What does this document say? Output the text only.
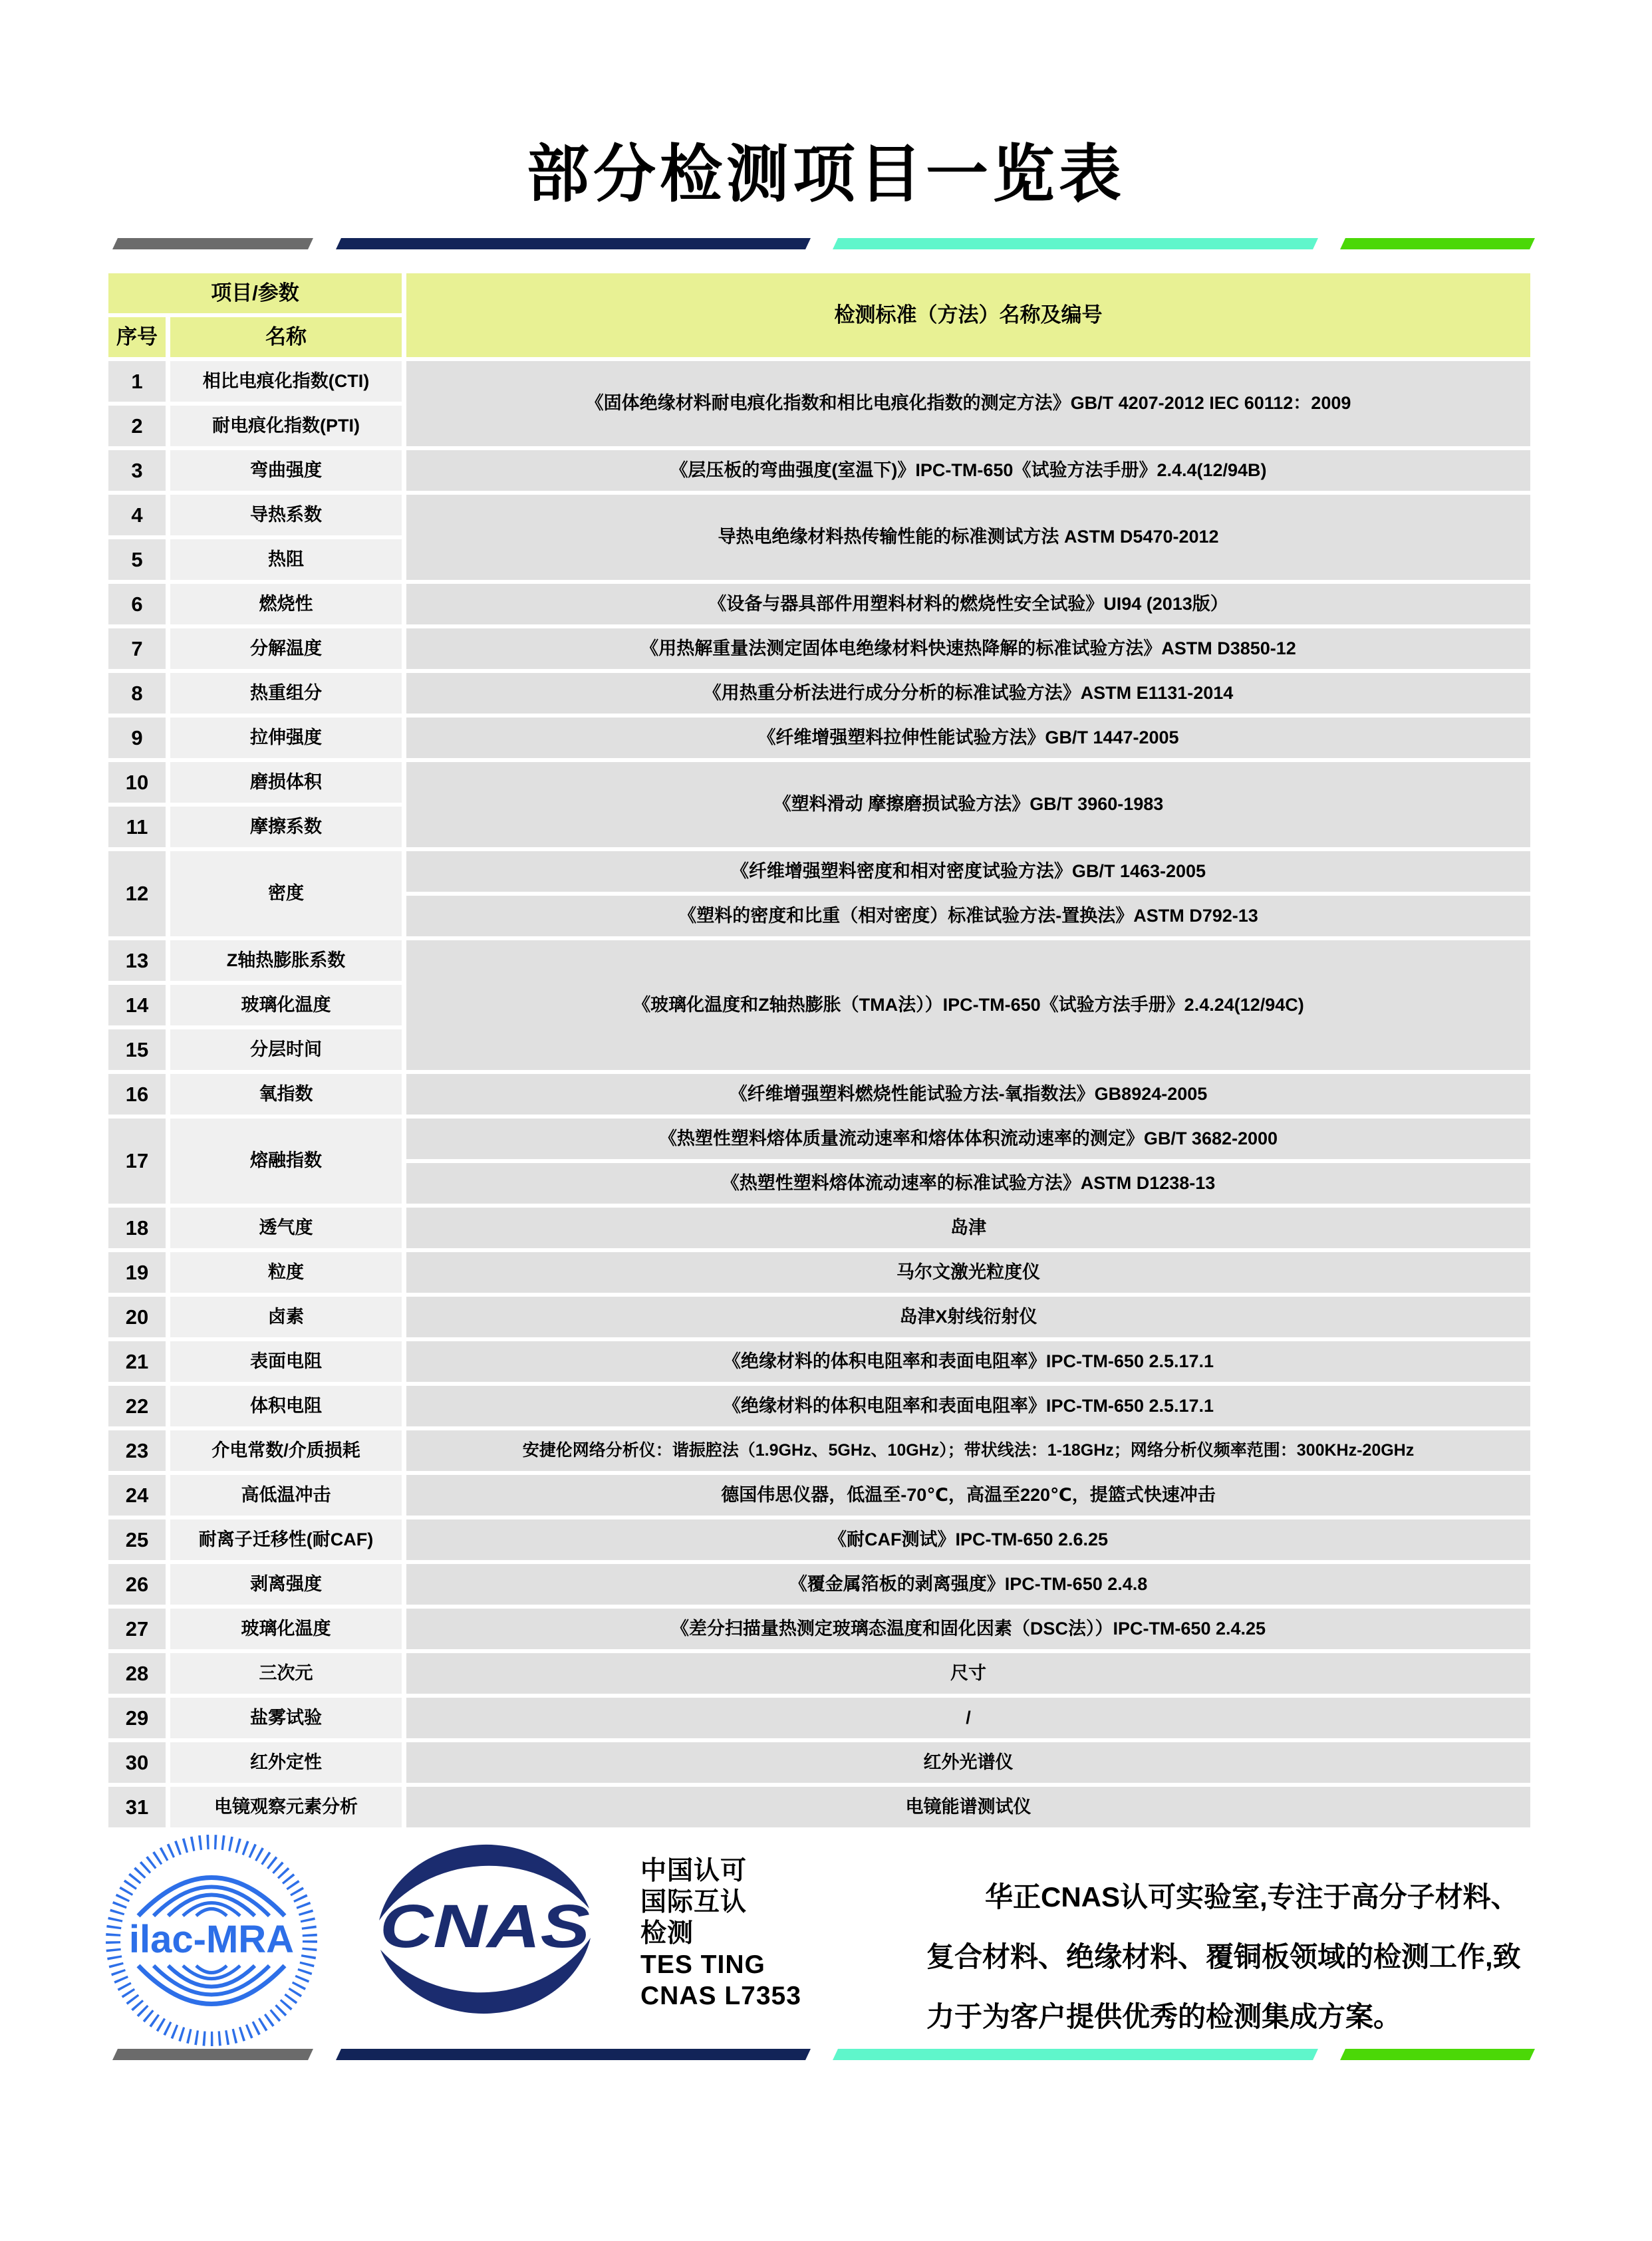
部分检测项目一览表
项目/参数		检测标准（方法）名称及编号
序号	名称	
1	相比电痕化指数(CTI)	《固体绝缘材料耐电痕化指数和相比电痕化指数的测定方法》GB/T 4207-2012 IEC 60112：2009
2	耐电痕化指数(PTI)	
3	弯曲强度	《层压板的弯曲强度(室温下)》IPC-TM-650《试验方法手册》2.4.4(12/94B)
4	导热系数	导热电绝缘材料热传输性能的标准测试方法 ASTM D5470-2012
5	热阻	
6	燃烧性	《设备与器具部件用塑料材料的燃烧性安全试验》UI94 (2013版）
7	分解温度	《用热解重量法测定固体电绝缘材料快速热降解的标准试验方法》ASTM D3850-12
8	热重组分	《用热重分析法进行成分分析的标准试验方法》ASTM E1131-2014
9	拉伸强度	《纤维增强塑料拉伸性能试验方法》GB/T 1447-2005
10	磨损体积	《塑料滑动 摩擦磨损试验方法》GB/T 3960-1983
11	摩擦系数	
12	密度	《纤维增强塑料密度和相对密度试验方法》GB/T 1463-2005
		《塑料的密度和比重（相对密度）标准试验方法-置换法》ASTM D792-13
13	Z轴热膨胀系数	《玻璃化温度和Z轴热膨胀（TMA法））IPC-TM-650《试验方法手册》2.4.24(12/94C)
14	玻璃化温度	
15	分层时间	
16	氧指数	《纤维增强塑料燃烧性能试验方法-氧指数法》GB8924-2005
17	熔融指数	《热塑性塑料熔体质量流动速率和熔体体积流动速率的测定》GB/T 3682-2000
		《热塑性塑料熔体流动速率的标准试验方法》ASTM D1238-13
18	透气度	岛津
19	粒度	马尔文激光粒度仪
20	卤素	岛津X射线衍射仪
21	表面电阻	《绝缘材料的体积电阻率和表面电阻率》IPC-TM-650 2.5.17.1
22	体积电阻	《绝缘材料的体积电阻率和表面电阻率》IPC-TM-650 2.5.17.1
23	介电常数/介质损耗	安捷伦网络分析仪：谐振腔法（1.9GHz、5GHz、10GHz）；带状线法：1-18GHz；网络分析仪频率范围：300KHz-20GHz
24	高低温冲击	德国伟思仪器，低温至-70℃，高温至220℃，提篮式快速冲击
25	耐离子迁移性(耐CAF)	《耐CAF测试》IPC-TM-650 2.6.25
26	剥离强度	《覆金属箔板的剥离强度》IPC-TM-650 2.4.8
27	玻璃化温度	《差分扫描量热测定玻璃态温度和固化因素（DSC法））IPC-TM-650 2.4.25
28	三次元	尺寸
29	盐雾试验	/
30	红外定性	红外光谱仪
31	电镜观察元素分析	电镜能谱测试仪
ilac-MRA CNAS
中国认可
国际互认
检测
TES TING
CNAS L7353
华正CNAS认可实验室,专注于高分子材料、
复合材料、绝缘材料、覆铜板领域的检测工作,致
力于为客户提供优秀的检测集成方案。
